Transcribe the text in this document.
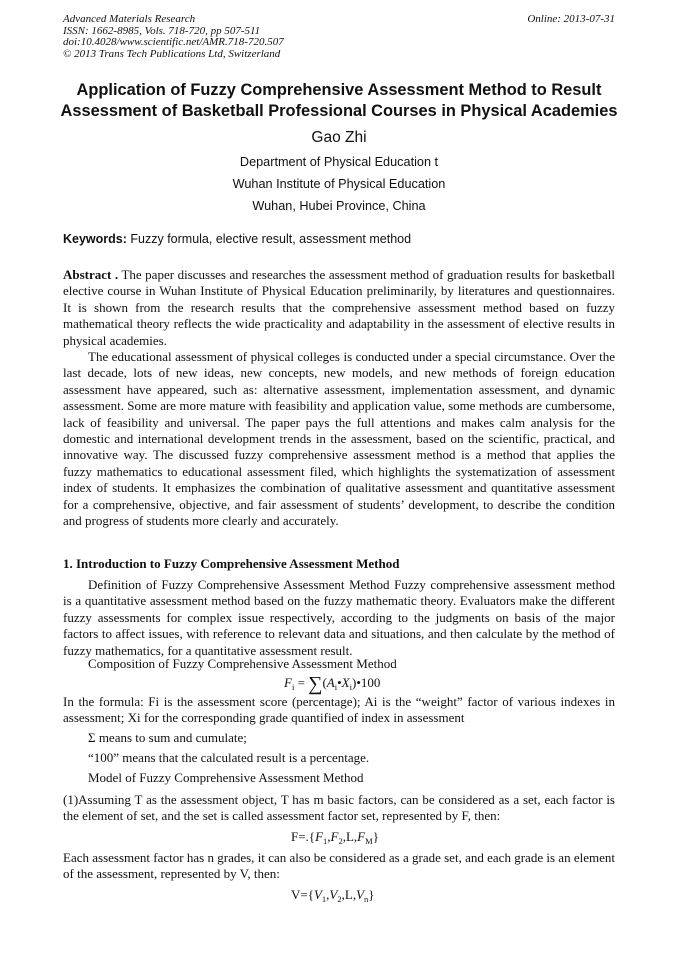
Advanced Materials Research
ISSN: 1662-8985, Vols. 718-720, pp 507-511
doi:10.4028/www.scientific.net/AMR.718-720.507
© 2013 Trans Tech Publications Ltd, Switzerland
Online: 2013-07-31
Application of Fuzzy Comprehensive Assessment Method to Result
Assessment of Basketball Professional Courses in Physical Academies
Gao Zhi
Department of Physical Education t
Wuhan Institute of Physical Education
Wuhan, Hubei Province, China
Keywords: Fuzzy formula, elective result, assessment method
Abstract . The paper discusses and researches the assessment method of graduation results for basketball elective course in Wuhan Institute of Physical Education preliminarily, by literatures and questionnaires. It is shown from the research results that the comprehensive assessment method based on fuzzy mathematical theory reflects the wide practicality and adaptability in the assessment of elective results in physical academies.
The educational assessment of physical colleges is conducted under a special circumstance. Over the last decade, lots of new ideas, new concepts, new models, and new methods of foreign education assessment have appeared, such as: alternative assessment, implementation assessment, and dynamic assessment. Some are more mature with feasibility and application value, some methods are cumbersome, lack of feasibility and universal. The paper pays the full attentions and makes calm analysis for the domestic and international development trends in the assessment, based on the scientific, practical, and innovative way. The discussed fuzzy comprehensive assessment method is a method that applies the fuzzy mathematics to educational assessment filed, which highlights the systematization of assessment index of students. It emphasizes the combination of qualitative assessment and quantitative assessment for a comprehensive, objective, and fair assessment of students’ development, to describe the condition and progress of students more clearly and accurately.
1. Introduction to Fuzzy Comprehensive Assessment Method
Definition of Fuzzy Comprehensive Assessment Method Fuzzy comprehensive assessment method is a quantitative assessment method based on the fuzzy mathematic theory. Evaluators make the different fuzzy assessments for complex issue respectively, according to the judgments on basis of the major factors to affect issues, with reference to relevant data and situations, and then calculate by the method of fuzzy mathematics, for a quantitative assessment result.
Composition of Fuzzy Comprehensive Assessment Method
$F_i$ = $\sum(A_i•X_i)•100$
In the formula: Fi is the assessment score (percentage); Ai is the “weight” factor of various indexes in assessment; Xi for the corresponding grade quantified of index in assessment
Σ means to sum and cumulate;
“100” means that the calculated result is a percentage.
Model of Fuzzy Comprehensive Assessment Method
(1)Assuming T as the assessment object, T has m basic factors, can be considered as a set, each factor is the element of set, and the set is called assessment factor set, represented by F, then:
$F=.\{F_1,F_2,L,F_M\}$
Each assessment factor has n grades, it can also be considered as a grade set, and each grade is an element of the assessment, represented by V, then:
$V=\{V_1,V_2,L,V_n\}$
